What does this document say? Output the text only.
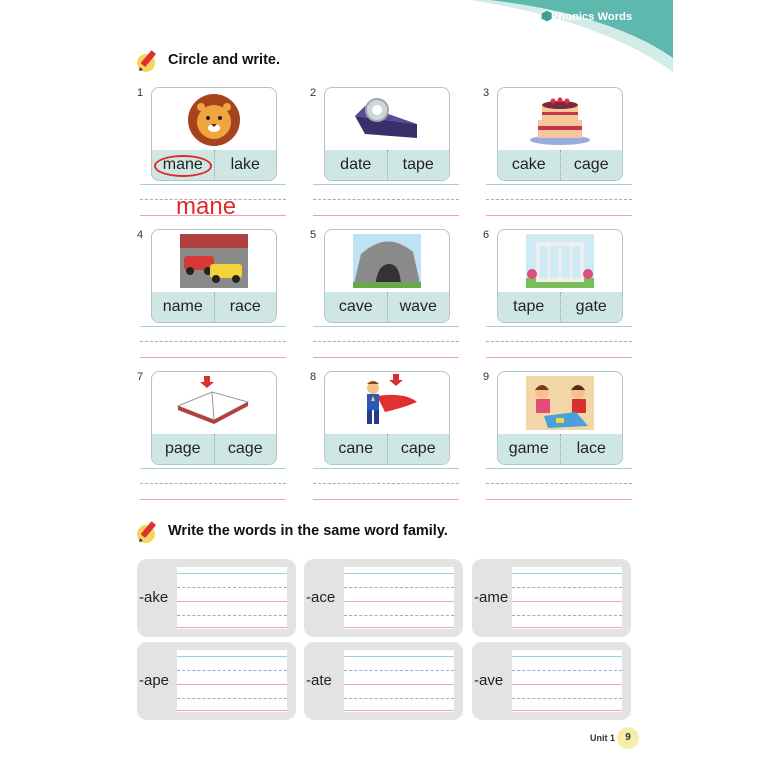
Phonics Words
Circle and write.
1
mane	lake
mane
2
date	tape
3
cake	cage
4
name	race
5
cave	wave
6
tape	gate
7
page	cage
8
cane	cape
9
game	lace
Write the words in the same word family.
-ake	-ace	-ame
-ape	-ate	-ave
Unit 1	9
